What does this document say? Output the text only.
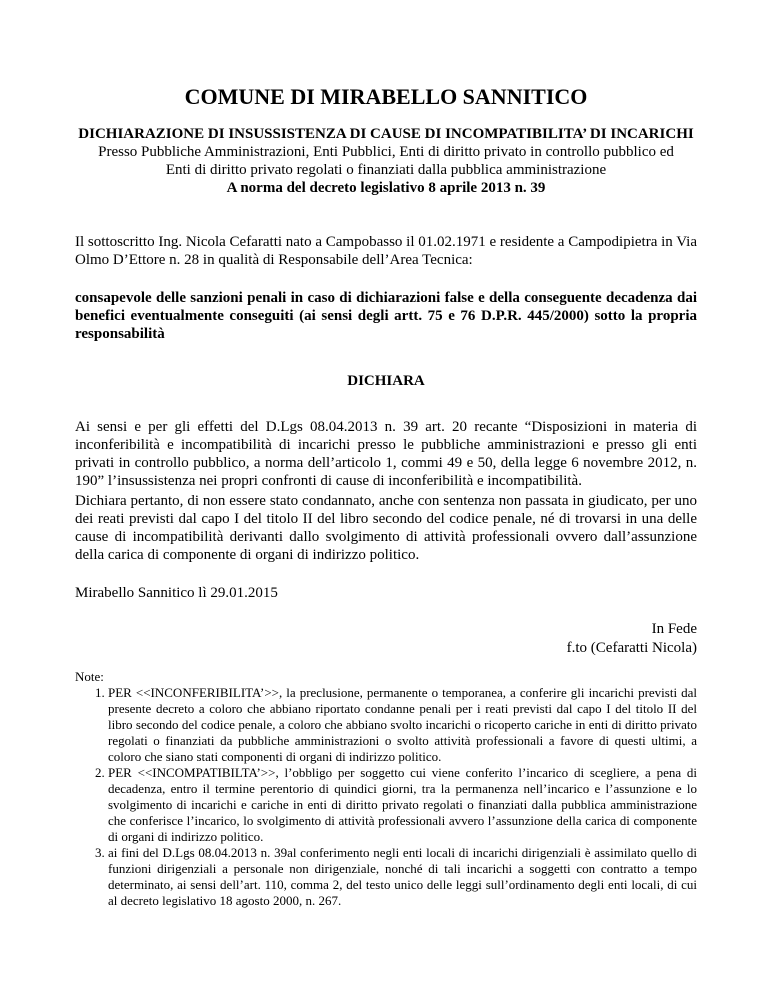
COMUNE DI MIRABELLO SANNITICO
DICHIARAZIONE DI INSUSSISTENZA DI CAUSE DI INCOMPATIBILITA’ DI INCARICHI
Presso Pubbliche Amministrazioni, Enti Pubblici, Enti di diritto privato in controllo pubblico ed
Enti di diritto privato regolati o finanziati dalla pubblica amministrazione
A norma del decreto legislativo 8 aprile 2013 n. 39
Il sottoscritto Ing. Nicola Cefaratti nato a Campobasso il 01.02.1971 e residente a Campodipietra in Via Olmo D’Ettore n. 28 in qualità di Responsabile dell’Area Tecnica:
consapevole delle sanzioni penali in caso di dichiarazioni false e della conseguente decadenza dai benefici eventualmente conseguiti (ai sensi degli artt. 75 e 76 D.P.R. 445/2000) sotto la propria responsabilità
DICHIARA
Ai sensi e per gli effetti del D.Lgs 08.04.2013 n. 39 art. 20 recante “Disposizioni in materia di inconferibilità e incompatibilità di incarichi presso le pubbliche amministrazioni e presso gli enti privati in controllo pubblico, a norma dell’articolo 1, commi 49 e 50, della legge 6 novembre 2012, n. 190” l’insussistenza nei propri confronti di cause di inconferibilità e incompatibilità.
Dichiara pertanto, di non essere stato condannato, anche con sentenza non passata in giudicato, per uno dei reati previsti dal capo I del titolo II del libro secondo del codice penale, né di trovarsi in una delle cause di incompatibilità derivanti dallo svolgimento di attività professionali ovvero dall’assunzione della carica di componente di organi di indirizzo politico.
Mirabello Sannitico lì 29.01.2015
In Fede
f.to (Cefaratti Nicola)
Note:
1. PER <<INCONFERIBILITA’>>, la preclusione, permanente o temporanea, a conferire gli incarichi previsti dal presente decreto a coloro che abbiano riportato condanne penali per i reati previsti dal capo I del titolo II del libro secondo del codice penale, a coloro che abbiano svolto incarichi o ricoperto cariche in enti di diritto privato regolati o finanziati da pubbliche amministrazioni o svolto attività professionali a favore di questi ultimi, a coloro che siano stati componenti di organi di indirizzo politico.
2. PER <<INCOMPATIBILTA’>>, l’obbligo per soggetto cui viene conferito l’incarico di scegliere, a pena di decadenza, entro il termine perentorio di quindici giorni, tra la permanenza nell’incarico e l’assunzione e lo svolgimento di incarichi e cariche in enti di diritto privato regolati o finanziati dalla pubblica amministrazione che conferisce l’incarico, lo svolgimento di attività professionali avvero l’assunzione della carica di componente di organi di indirizzo politico.
3. ai fini del D.Lgs 08.04.2013 n. 39al conferimento negli enti locali di incarichi dirigenziali è assimilato quello di funzioni dirigenziali a personale non dirigenziale, nonché di tali incarichi a soggetti con contratto a tempo determinato, ai sensi dell’art. 110, comma 2, del testo unico delle leggi sull’ordinamento degli enti locali, di cui al decreto legislativo 18 agosto 2000, n. 267.
